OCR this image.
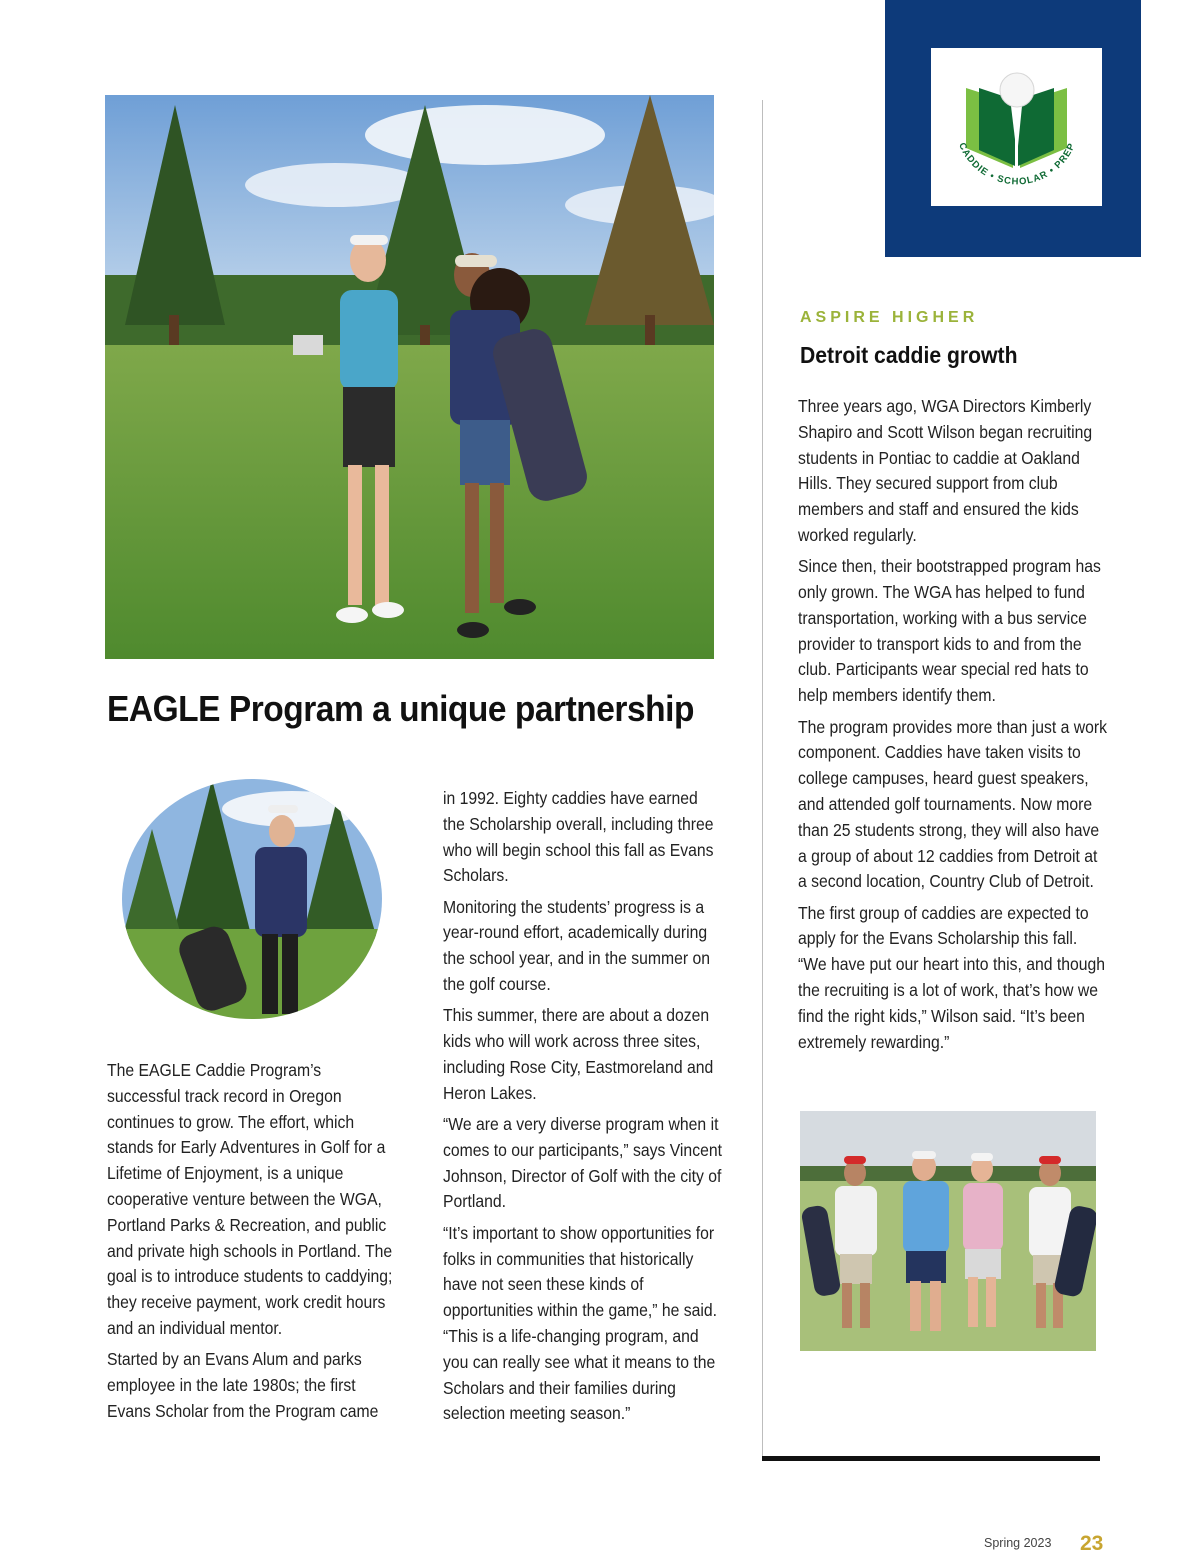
CADDIE • SCHOLAR • PREP
EAGLE Program a unique partnership

The EAGLE Caddie Program’s successful track record in Oregon continues to grow. The effort, which stands for Early Adventures in Golf for a Lifetime of Enjoyment, is a unique cooperative venture between the WGA, Portland Parks & Recreation, and public and private high schools in Portland. The goal is to introduce students to caddying; they receive payment, work credit hours and an individual mentor.

Started by an Evans Alum and parks employee in the late 1980s; the first Evans Scholar from the Program came

in 1992. Eighty caddies have earned the Scholarship overall, including three who will begin school this fall as Evans Scholars.

Monitoring the students’ progress is a year-round effort, academically during the school year, and in the summer on the golf course.

This summer, there are about a dozen kids who will work across three sites, including Rose City, Eastmoreland and Heron Lakes.

“We are a very diverse program when it comes to our participants,” says Vincent Johnson, Director of Golf with the city of Portland.

“It’s important to show opportunities for folks in communities that historically have not seen these kinds of opportunities within the game,” he said. “This is a life-changing program, and you can really see what it means to the Scholars and their families during selection meeting season.”

ASPIRE HIGHER
Detroit caddie growth

Three years ago, WGA Directors Kimberly Shapiro and Scott Wilson began recruiting students in Pontiac to caddie at Oakland Hills. They secured support from club members and staff and ensured the kids worked regularly.

Since then, their bootstrapped program has only grown. The WGA has helped to fund transportation, working with a bus service provider to transport kids to and from the club. Participants wear special red hats to help members identify them.

The program provides more than just a work component. Caddies have taken visits to college campuses, heard guest speakers, and attended golf tournaments. Now more than 25 students strong, they will also have a group of about 12 caddies from Detroit at a second location, Country Club of Detroit.

The first group of caddies are expected to apply for the Evans Scholarship this fall. “We have put our heart into this, and though the recruiting is a lot of work, that’s how we find the right kids,” Wilson said. “It’s been extremely rewarding.”

Spring 2023 23
